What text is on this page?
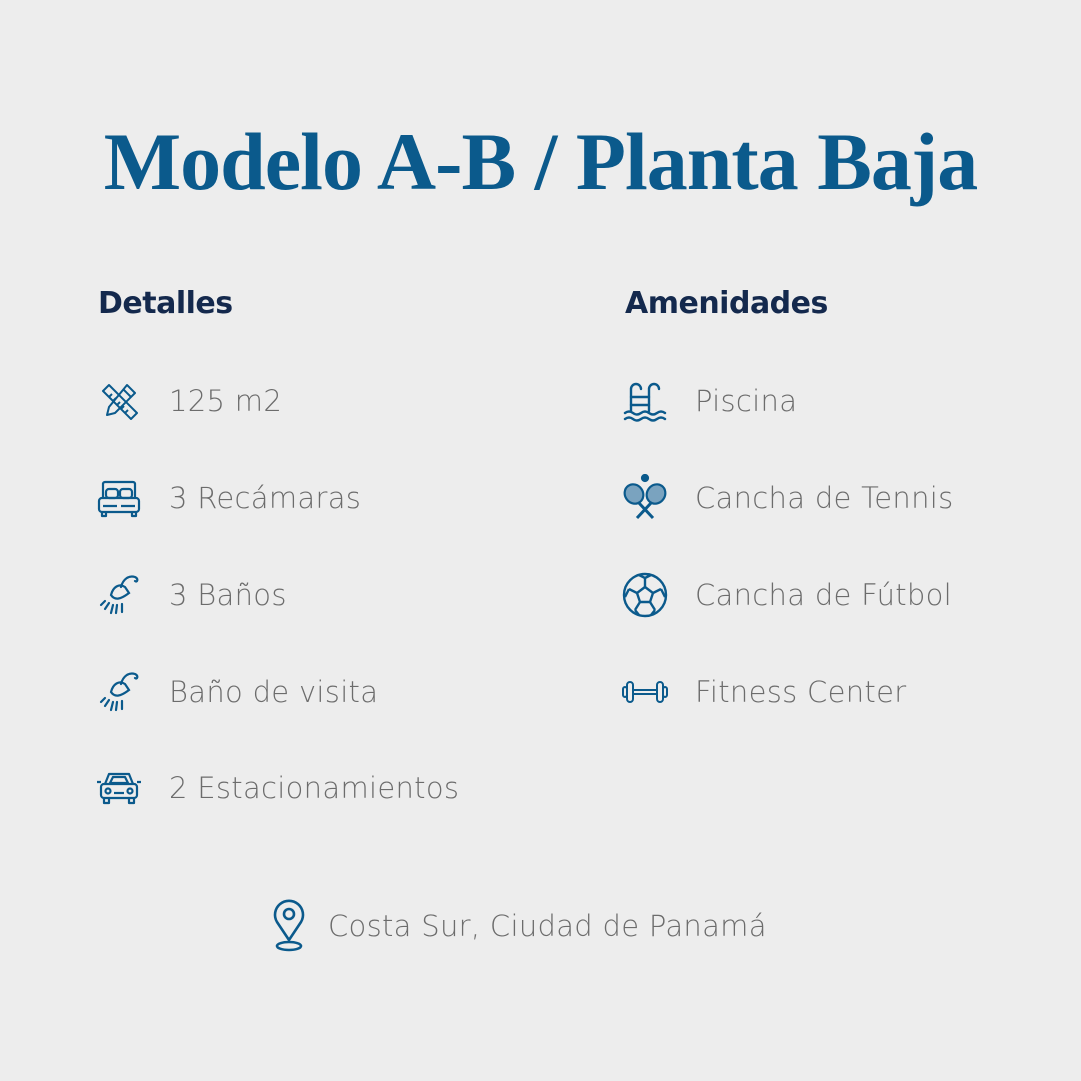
Modelo A-B / Planta Baja
Detalles	Amenidades
125 m2
3 Recámaras
3 Baños
Baño de visita
2 Estacionamientos
Piscina
Cancha de Tennis
Cancha de Fútbol
Fitness Center
Costa Sur, Ciudad de Panamá
